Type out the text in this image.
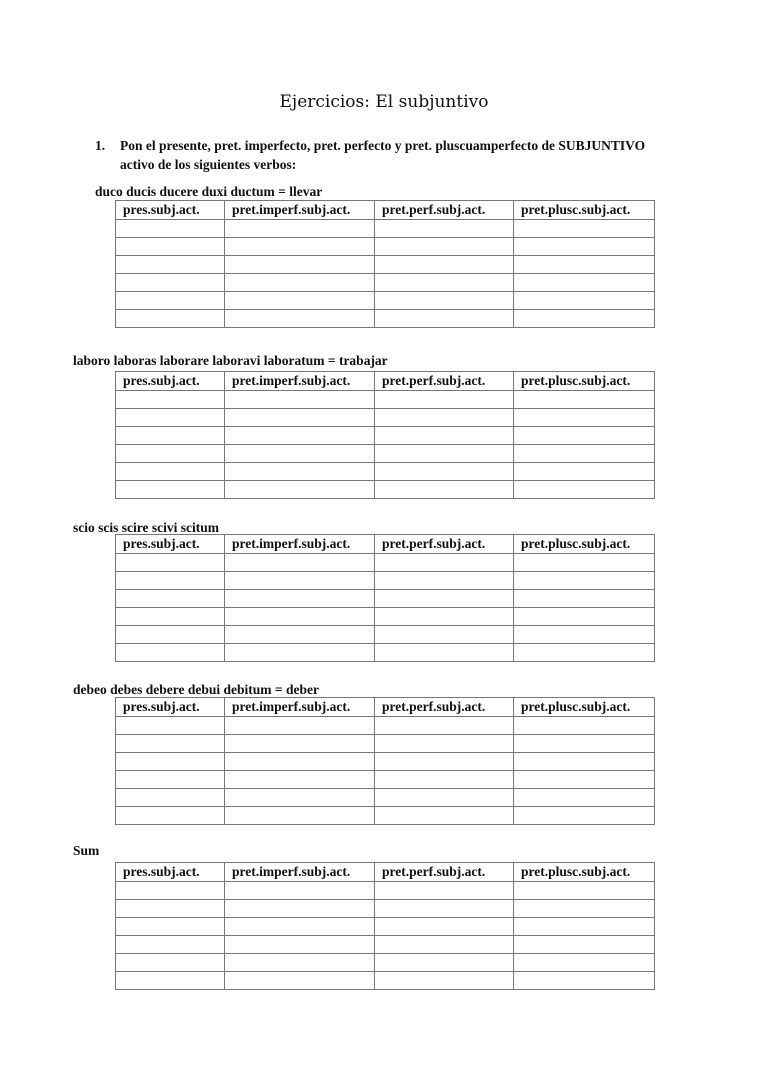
Ejercicios: El subjuntivo
1. Pon el presente, pret. imperfecto, pret. perfecto y pret. pluscuamperfecto de SUBJUNTIVO activo de los siguientes verbos:
duco ducis ducere duxi ductum = llevar
pres.subj.act.	pret.imperf.subj.act.	pret.perf.subj.act.	pret.plusc.subj.act.

laboro laboras laborare laboravi laboratum = trabajar
pres.subj.act.	pret.imperf.subj.act.	pret.perf.subj.act.	pret.plusc.subj.act.

scio scis scire scivi scitum
pres.subj.act.	pret.imperf.subj.act.	pret.perf.subj.act.	pret.plusc.subj.act.

debeo debes debere debui debitum = deber
pres.subj.act.	pret.imperf.subj.act.	pret.perf.subj.act.	pret.plusc.subj.act.

Sum
pres.subj.act.	pret.imperf.subj.act.	pret.perf.subj.act.	pret.plusc.subj.act.
